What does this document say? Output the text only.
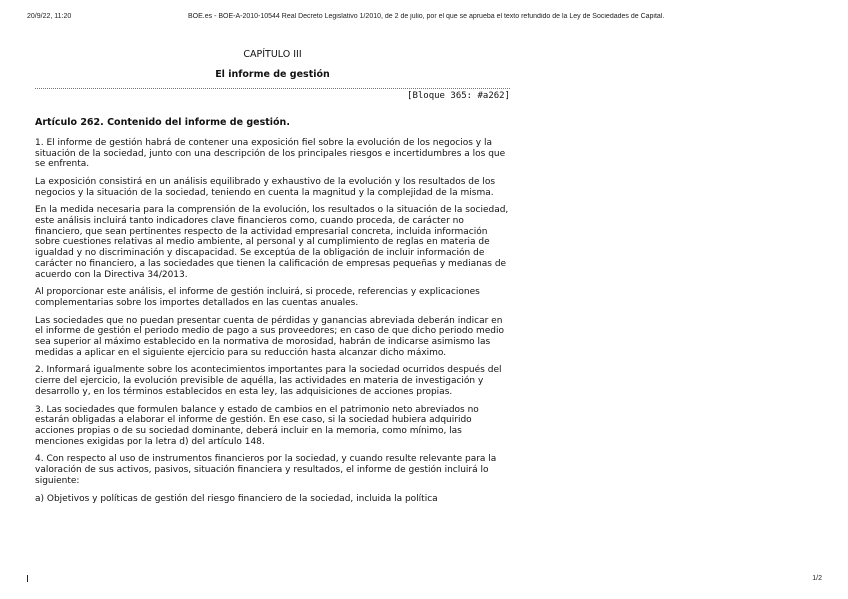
20/9/22, 11:20	BOE.es - BOE-A-2010-10544 Real Decreto Legislativo 1/2010, de 2 de julio, por el que se aprueba el texto refundido de la Ley de Sociedades de Capital.
CAPÍTULO III
El informe de gestión
[Bloque 365: #a262]
Artículo 262. Contenido del informe de gestión.

1. El informe de gestión habrá de contener una exposición fiel sobre la evolución de los negocios y la situación de la sociedad, junto con una descripción de los principales riesgos e incertidumbres a los que se enfrenta.

La exposición consistirá en un análisis equilibrado y exhaustivo de la evolución y los resultados de los negocios y la situación de la sociedad, teniendo en cuenta la magnitud y la complejidad de la misma.

En la medida necesaria para la comprensión de la evolución, los resultados o la situación de la sociedad, este análisis incluirá tanto indicadores clave financieros como, cuando proceda, de carácter no financiero, que sean pertinentes respecto de la actividad empresarial concreta, incluida información sobre cuestiones relativas al medio ambiente, al personal y al cumplimiento de reglas en materia de igualdad y no discriminación y discapacidad. Se exceptúa de la obligación de incluir información de carácter no financiero, a las sociedades que tienen la calificación de empresas pequeñas y medianas de acuerdo con la Directiva 34/2013.

Al proporcionar este análisis, el informe de gestión incluirá, si procede, referencias y explicaciones complementarias sobre los importes detallados en las cuentas anuales.

Las sociedades que no puedan presentar cuenta de pérdidas y ganancias abreviada deberán indicar en el informe de gestión el periodo medio de pago a sus proveedores; en caso de que dicho periodo medio sea superior al máximo establecido en la normativa de morosidad, habrán de indicarse asimismo las medidas a aplicar en el siguiente ejercicio para su reducción hasta alcanzar dicho máximo.

2. Informará igualmente sobre los acontecimientos importantes para la sociedad ocurridos después del cierre del ejercicio, la evolución previsible de aquélla, las actividades en materia de investigación y desarrollo y, en los términos establecidos en esta ley, las adquisiciones de acciones propias.

3. Las sociedades que formulen balance y estado de cambios en el patrimonio neto abreviados no estarán obligadas a elaborar el informe de gestión. En ese caso, si la sociedad hubiera adquirido acciones propias o de su sociedad dominante, deberá incluir en la memoria, como mínimo, las menciones exigidas por la letra d) del artículo 148.

4. Con respecto al uso de instrumentos financieros por la sociedad, y cuando resulte relevante para la valoración de sus activos, pasivos, situación financiera y resultados, el informe de gestión incluirá lo siguiente:

a) Objetivos y políticas de gestión del riesgo financiero de la sociedad, incluida la política

1/2
